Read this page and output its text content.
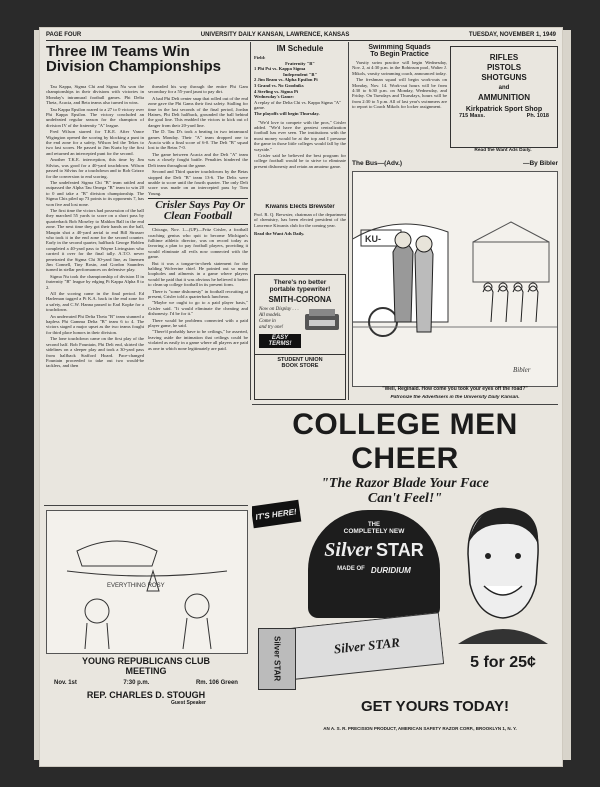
PAGE FOUR	UNIVERSITY DAILY KANSAN, LAWRENCE, KANSAS	TUESDAY, NOVEMBER 1, 1949

Three IM Teams Win

Division Championships

Tau Kappa, Sigma Chi and Sigma Nu won the championships in their divisions with victories in Monday's intramural football games. Phi Delta Theta, Acacia, and Beta teams also turned in wins.

Tau Kappa Epsilon roared to a 27 to 0 victory over Phi Kappa Epsilon. The victory concluded an undefeated regular season for the champion of division IV of the fraternity "A" league.

Fred Wilson starred for T.K.E. After Vance Wigington opened the scoring by blocking a punt in the end zone for a safety, Wilson led the Tekes to two fast scores. He passed to Jim Kurtz by the first and returned an intercepted punt for the second.

Another T.K.E. interception, this time by Jim Silvius, was good for a 40-yard touchdown. Wilson passed to Silvius for a touchdown and to Rob Grizzo for the conversion to end scoring.

The undefeated Sigma Chi "B" team rattled and outpassed the Alpha Tau Omega "B" team to win 20 to 0 and take a "B" division championship. The Sigma Chis piled up 73 points to its opponents 7, has won five and lost none.

The first time the victors had possession of the ball they marched 55 yards to score on a short pass by quarterback Bob Moseley to Mahlon Ball in the end zone. The next time they got their hands on the ball, Maupin shot a 40-yard aerial to end Bill Strasser who took it in the end zone for the second counter. Early in the second quarter, halfback George Hoblen completed a 40-yard pass to Wayne Livingston who carried it over for the final tally. A.T.O. never penetrated the Sigma Chi 30-yard line, as linemen Jim Connell, Tiny Rosin, and Gordon Saunders turned in stellar performances on defensive play.

Sigma Nu took the championship of division II in fraternity "B" league by edging Pi Kappa Alpha 8 to 2.

All the scoring came in the final period. Ed Harleman tagged a Pi K.A. back in the end zone for a safety, and C.W. Hanna passed to Earl Kopke for a touchdown.

An underrated Phi Delta Theta "B" team stunned a hapless Phi Gamma Delta "B" team 6 to 4. The victors staged a major upset as the two teams fought for third place honors in their division.

The lone touchdown came on the first play of the second half. Bob Fountain, Phi Delt end, skirted the sidelines on a sleeper play and took a 30-yard pass from halfback Stafford Hoard. Pace-changed Fountain proceeded to take out two would-be tacklers, and then

threaded his way through the entire Phi Gam secondary for a 55-yard jaunt to pay dirt.

A bad Phi Delt center snap that rolled out of the end zone gave the Phi Gams their first safety. Stalling for time in the last seconds of the final period, Jordan Haines, Phi Delt halfback, grounded the ball behind the goal line. This enabled the victors to kick out of danger from their 20-yard line.

The D. Tau D's took a beating in two intramural games Monday. Their "A" team dropped one to Acacia with a final score of 6-0. The Delt "B" squad lost to the Betas 7-0.

The game between Acacia and the Delt "A" team was a closely fought battle. Penalties hindered the Delt team throughout the game.

Second and Third quarter touchdowns by the Betas stopped the Delt "B" team 13-6. The Delts were unable to score until the fourth quarter. The only Delt score was made on an intercepted pass by Tom Young.

Crisler Says Pay Or Clean Football

Chicago, Nov. 1—(UP)—Fritz Crisler, a football coaching genius who quit to become Michigan's fulltime athletic director, was on record today as favoring a plan to pay football players, providing it would eliminate all evils now connected with the game.

But it was a tongue-in-cheek statement for the balding Wolverine chief. He pointed out so many loopholes and ailments in a game where players would be paid that it was obvious he believed it better to clean up college football in its present form.

There is "some dishonesty" in football recruiting at present, Crisler told a quarterback luncheon.

"Maybe we ought to go to a paid player basis," Crisler said. "It would eliminate the cheating and dishonesty. I'd be for it."

There would be problems connected with a paid player game, he said.

"There'd probably have to be ceilings," he asserted, leaving aside the intimation that ceilings could be violated as easily in a game where all players are paid as one in which none legitimately are paid.

IM Schedule

Field:
Fraternity "B"
1 Phi Psi vs. Kappa Sigma
Independent "B"
2 Jim Beam vs. Alpha Epsilon Pi
3 Grand vs. No Goodniks
4 Sterling vs. Sigma Pi
Wednesday's Game:
A replay of the Delta Chi vs. Kappa Sigma "A" game.
The playoffs will begin Thursday.

"We'd love to compete with the pros," Crisler added. "We'd have the greatest centralization football has ever seen. The institutions with the most money would be at the top and I presume the game in those little colleges would fall by the wayside."

Crisler said he believed the best program for college football would be to strive to eliminate present dishonesty and retain an amateur game.

Kiwanis Elects Brewster

Prof. R. Q. Brewster, chairman of the department of chemistry, has been elected president of the Lawrence Kiwanis club for the coming year.
Read the Want Ads Daily.
There's no better
portable typewriter!
SMITH-CORONA
Now on Display . . .
All models.
Come in
and try one!
EASY TERMS!
STUDENT UNION
BOOK STORE

Swimming Squads

To Begin Practice

Varsity swim practice will begin Wednesday, Nov. 2, at 4:30 p.m. in the Robinson pool, Walter J. Mikols, varsity swimming coach, announced today.

The freshman squad will begin work-outs on Monday, Nov. 14. Work-out hours will be from 4:30 to 6:30 p.m. on Monday, Wednesday, and Friday. On Tuesdays and Thursdays, hours will be from 2:30 to 5 p.m. All of last year's swimmers are to report to Coach Mikols for locker assignment.

RIFLES
PISTOLS
SHOTGUNS
and
AMMUNITION
Kirkpatrick Sport Shop
715 Mass.	Ph. 1018
Read the Want Ads Daily.
The Bus—(Adv.)	—By Bibler
KU-
Bibler
"Well, Reginald. How come you took your eyes off the road?"
Patronize the Advertisers in the University Daily Kansan.
EVERYTHING ROSY
YOUNG REPUBLICANS CLUB
MEETING
Nov. 1st	7:30 p.m.	Rm. 106 Green
REP. CHARLES D. STOUGH
Guest Speaker

COLLEGE MEN CHEER

"The Razor Blade Your Face
Can't Feel!"
IT'S HERE!
THE
COMPLETELY NEW
Silver STAR
MADE OF DURIDIUM
Silver STAR
Silver STAR	5 for 25¢
GET YOURS TODAY!
AN A. S. R. PRECISION PRODUCT, AMERICAN SAFETY RAZOR CORP., BROOKLYN 1, N. Y.
